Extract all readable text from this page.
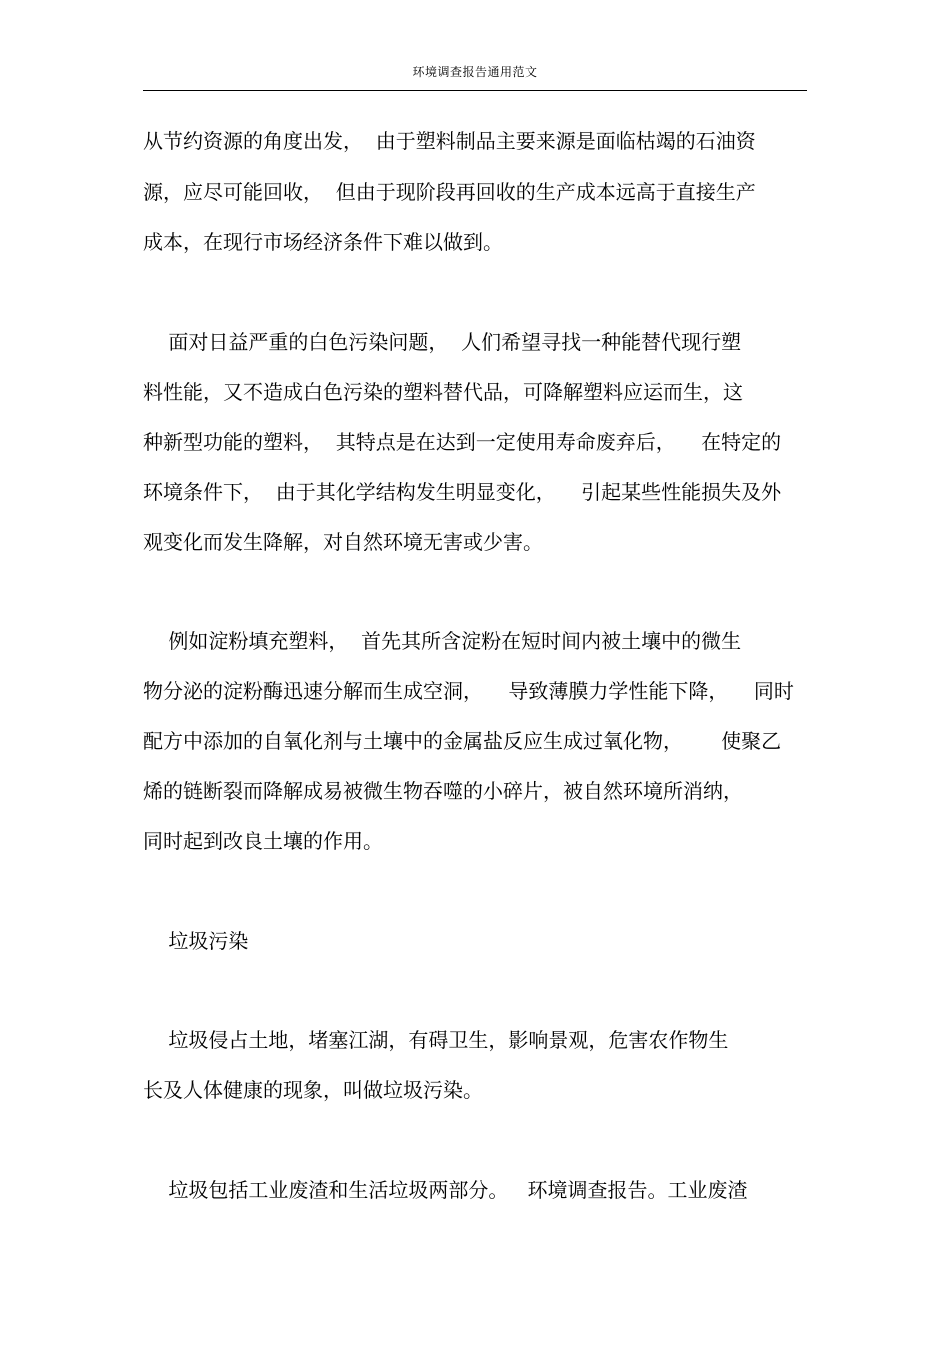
环境调查报告通用范文
从节约资源的角度出发，  由于塑料制品主要来源是面临枯竭的石油资
源，应尽可能回收，  但由于现阶段再回收的生产成本远高于直接生产
成本，在现行市场经济条件下难以做到。
面对日益严重的白色污染问题，  人们希望寻找一种能替代现行塑
料性能，又不造成白色污染的塑料替代品，可降解塑料应运而生，这
种新型功能的塑料，  其特点是在达到一定使用寿命废弃后，    在特定的
环境条件下，  由于其化学结构发生明显变化，    引起某些性能损失及外
观变化而发生降解，对自然环境无害或少害。
例如淀粉填充塑料，  首先其所含淀粉在短时间内被土壤中的微生
物分泌的淀粉酶迅速分解而生成空洞，    导致薄膜力学性能下降，    同时
配方中添加的自氧化剂与土壤中的金属盐反应生成过氧化物，      使聚乙
烯的链断裂而降解成易被微生物吞噬的小碎片，被自然环境所消纳，
同时起到改良土壤的作用。
垃圾污染
垃圾侵占土地，堵塞江湖，有碍卫生，影响景观，危害农作物生
长及人体健康的现象，叫做垃圾污染。
垃圾包括工业废渣和生活垃圾两部分。   环境调查报告。工业废渣
